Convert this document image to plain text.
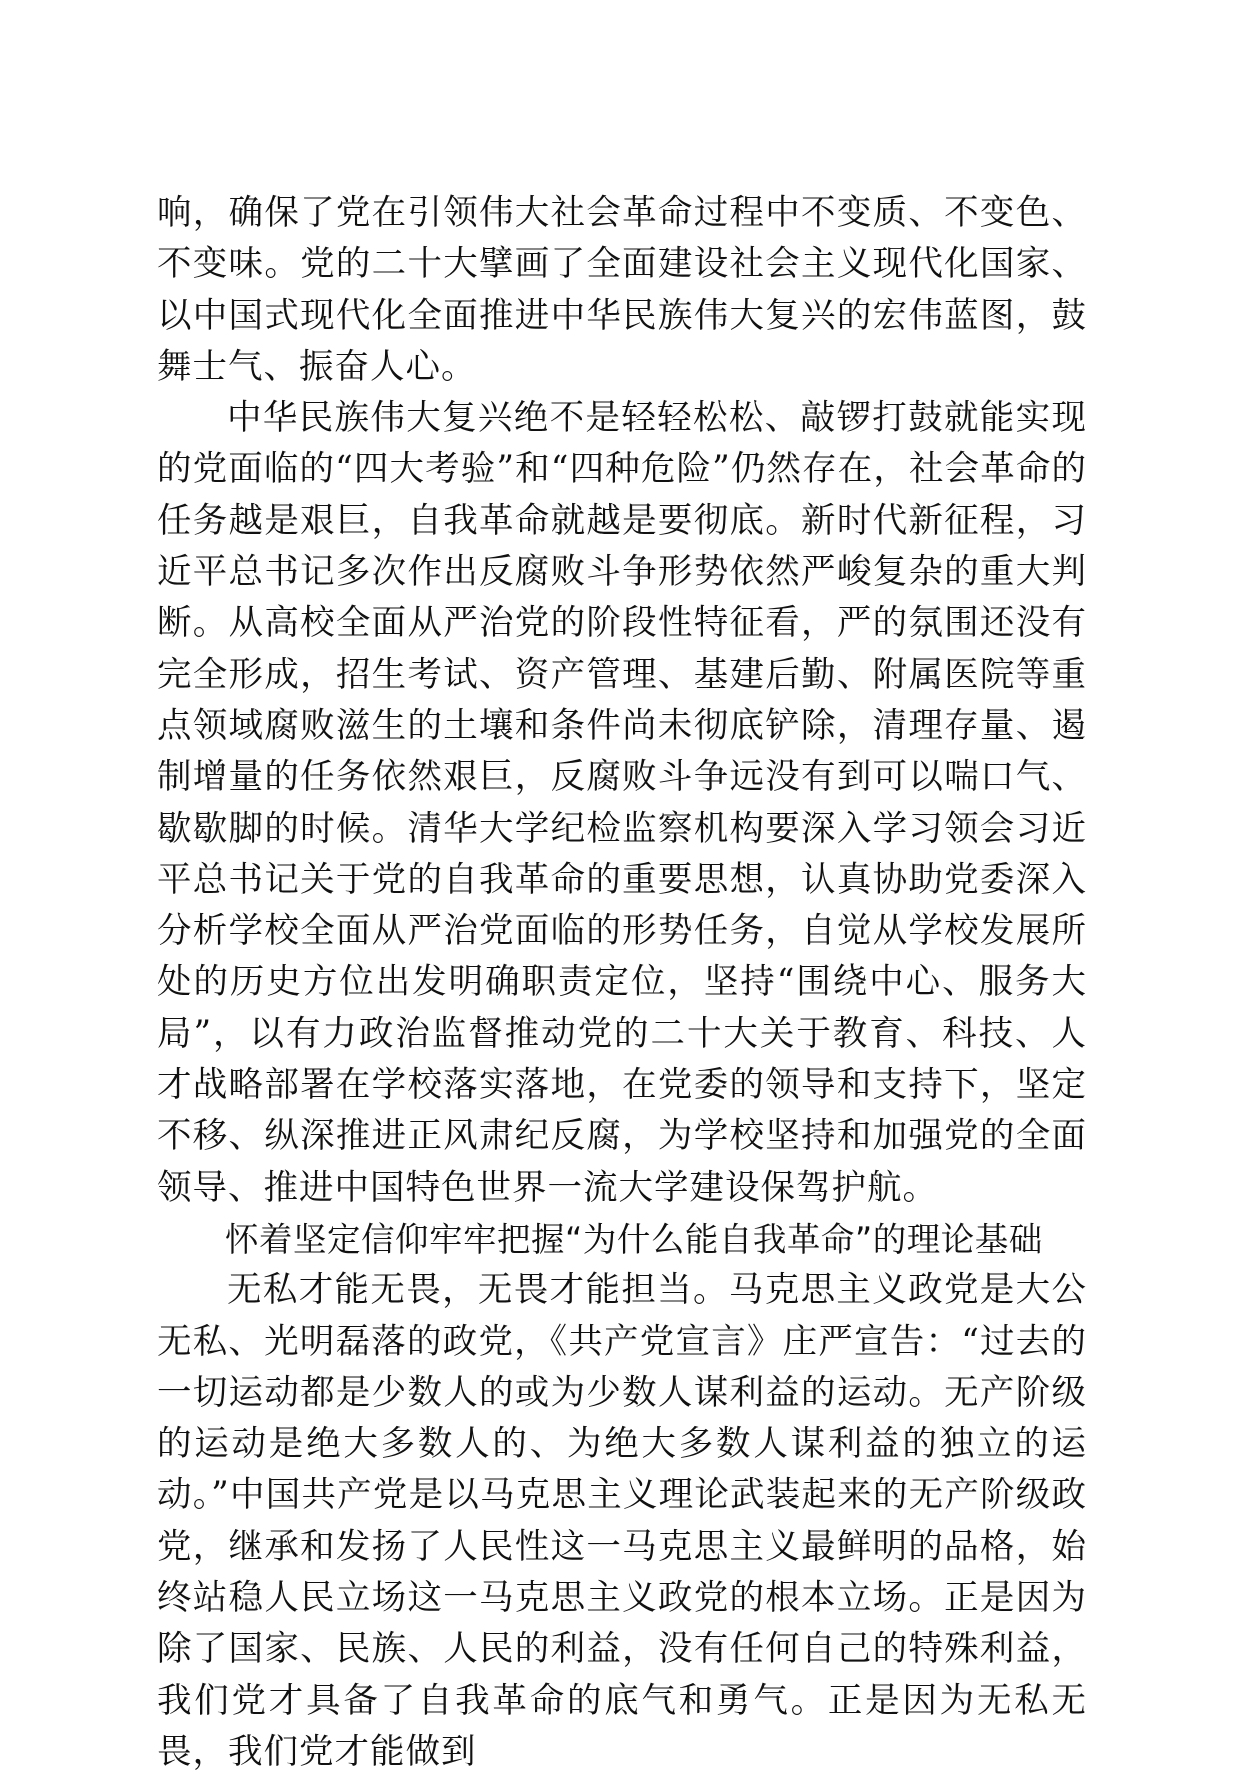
响，确保了党在引领伟大社会革命过程中不变质、不变色、不变味。党的二十大擘画了全面建设社会主义现代化国家、以中国式现代化全面推进中华民族伟大复兴的宏伟蓝图，鼓舞士气、振奋人心。

中华民族伟大复兴绝不是轻轻松松、敲锣打鼓就能实现的党面临的“四大考验”和“四种危险”仍然存在，社会革命的任务越是艰巨，自我革命就越是要彻底。新时代新征程，习近平总书记多次作出反腐败斗争形势依然严峻复杂的重大判断。从高校全面从严治党的阶段性特征看，严的氛围还没有完全形成，招生考试、资产管理、基建后勤、附属医院等重点领域腐败滋生的土壤和条件尚未彻底铲除，清理存量、遏制增量的任务依然艰巨，反腐败斗争远没有到可以喘口气、歇歇脚的时候。清华大学纪检监察机构要深入学习领会习近平总书记关于党的自我革命的重要思想，认真协助党委深入分析学校全面从严治党面临的形势任务，自觉从学校发展所处的历史方位出发明确职责定位，坚持“围绕中心、服务大局”，以有力政治监督推动党的二十大关于教育、科技、人才战略部署在学校落实落地，在党委的领导和支持下，坚定不移、纵深推进正风肃纪反腐，为学校坚持和加强党的全面领导、推进中国特色世界一流大学建设保驾护航。

怀着坚定信仰牢牢把握“为什么能自我革命”的理论基础

无私才能无畏，无畏才能担当。马克思主义政党是大公无私、光明磊落的政党，《共产党宣言》庄严宣告：“过去的一切运动都是少数人的或为少数人谋利益的运动。无产阶级的运动是绝大多数人的、为绝大多数人谋利益的独立的运动。”中国共产党是以马克思主义理论武装起来的无产阶级政党，继承和发扬了人民性这一马克思主义最鲜明的品格，始终站稳人民立场这一马克思主义政党的根本立场。正是因为除了国家、民族、人民的利益，没有任何自己的特殊利益，我们党才具备了自我革命的底气和勇气。正是因为无私无畏，我们党才能做到
